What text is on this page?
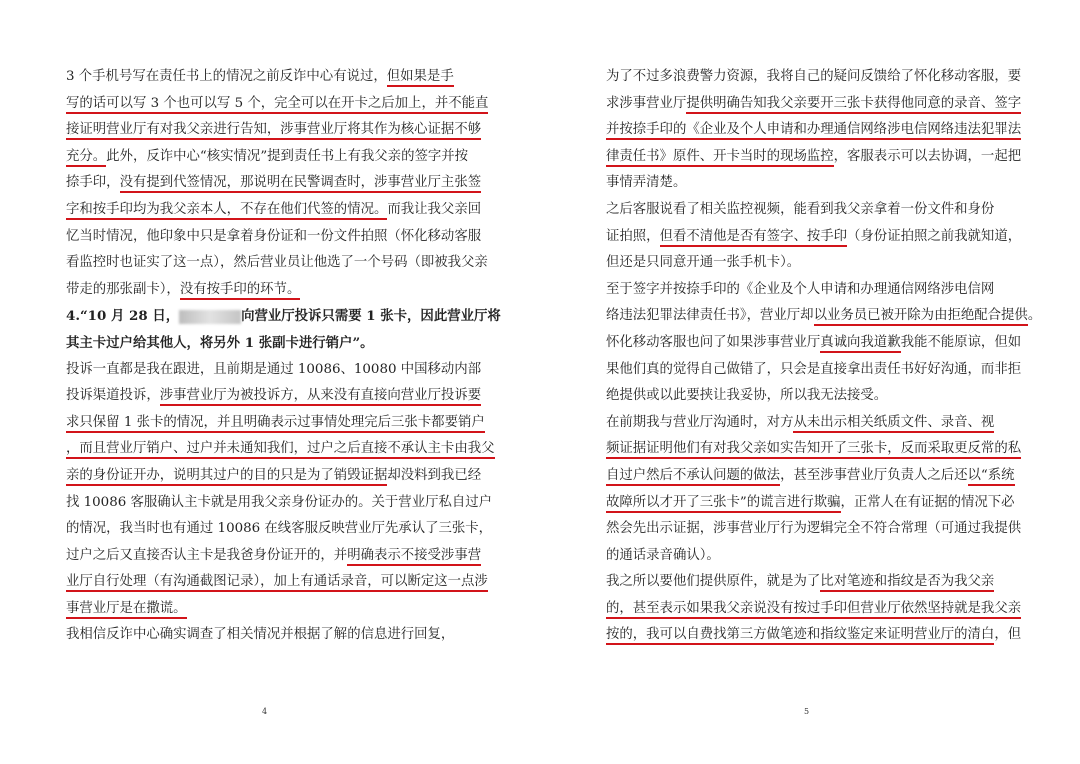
3 个手机号写在责任书上的情况之前反诈中心有说过，但如果是手
写的话可以写 3 个也可以写 5 个，完全可以在开卡之后加上，并不能直
接证明营业厅有对我父亲进行告知，涉事营业厅将其作为核心证据不够
充分。此外，反诈中心“核实情况”提到责任书上有我父亲的签字并按
捺手印，没有提到代签情况，那说明在民警调查时，涉事营业厅主张签
字和按手印均为我父亲本人，不存在他们代签的情况。而我让我父亲回
忆当时情况，他印象中只是拿着身份证和一份文件拍照（怀化移动客服
看监控时也证实了这一点），然后营业员让他选了一个号码（即被我父亲
带走的那张副卡），没有按手印的环节。
4.“10 月 28 日，	向营业厅投诉只需要 1 张卡，因此营业厅将
其主卡过户给其他人，将另外 1 张副卡进行销户”。
投诉一直都是我在跟进，且前期是通过 10086、10080 中国移动内部
投诉渠道投诉，涉事营业厅为被投诉方，从来没有直接向营业厅投诉要
求只保留 1 张卡的情况，并且明确表示过事情处理完后三张卡都要销户
，而且营业厅销户、过户并未通知我们，过户之后直接不承认主卡由我父
亲的身份证开办，说明其过户的目的只是为了销毁证据却没料到我已经
找 10086 客服确认主卡就是用我父亲身份证办的。关于营业厅私自过户
的情况，我当时也有通过 10086 在线客服反映营业厅先承认了三张卡，
过户之后又直接否认主卡是我爸身份证开的，并明确表示不接受涉事营
业厅自行处理（有沟通截图记录），加上有通话录音，可以断定这一点涉
事营业厅是在撒谎。
我相信反诈中心确实调查了相关情况并根据了解的信息进行回复，
4
为了不过多浪费警力资源，我将自己的疑问反馈给了怀化移动客服，要
求涉事营业厅提供明确告知我父亲要开三张卡获得他同意的录音、签字
并按捺手印的《企业及个人申请和办理通信网络涉电信网络违法犯罪法
律责任书》原件、开卡当时的现场监控，客服表示可以去协调，一起把
事情弄清楚。
之后客服说看了相关监控视频，能看到我父亲拿着一份文件和身份
证拍照，但看不清他是否有签字、按手印（身份证拍照之前我就知道，
但还是只同意开通一张手机卡）。
至于签字并按捺手印的《企业及个人申请和办理通信网络涉电信网
络违法犯罪法律责任书》，营业厅却以业务员已被开除为由拒绝配合提供。
怀化移动客服也问了如果涉事营业厅真诚向我道歉我能不能原谅，但如
果他们真的觉得自己做错了，只会是直接拿出责任书好好沟通，而非拒
绝提供或以此要挟让我妥协，所以我无法接受。
在前期我与营业厅沟通时，对方从未出示相关纸质文件、录音、视
频证据证明他们有对我父亲如实告知开了三张卡，反而采取更反常的私
自过户然后不承认问题的做法，甚至涉事营业厅负责人之后还以“系统
故障所以才开了三张卡”的谎言进行欺骗，正常人在有证据的情况下必
然会先出示证据，涉事营业厅行为逻辑完全不符合常理（可通过我提供
的通话录音确认）。
我之所以要他们提供原件，就是为了比对笔迹和指纹是否为我父亲
的，甚至表示如果我父亲说没有按过手印但营业厅依然坚持就是我父亲
按的，我可以自费找第三方做笔迹和指纹鉴定来证明营业厅的清白，但
5
